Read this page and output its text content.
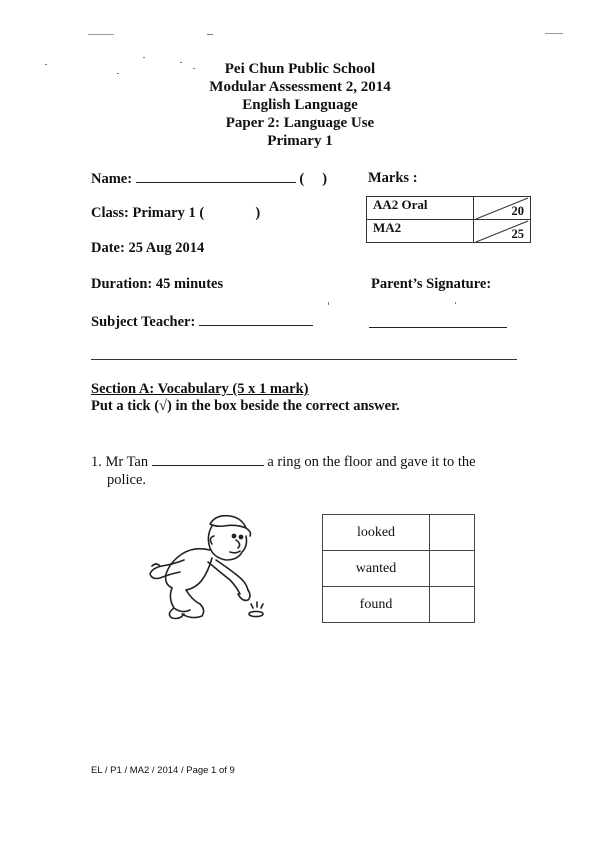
Pei Chun Public School
Modular Assessment 2, 2014
English Language
Paper 2: Language Use
Primary 1
Name:	(     )	Marks :
AA2 Oral	20

MA2	25
Class: Primary 1 (	)
Date: 25 Aug 2014
Duration: 45 minutes	Parent’s Signature:
Subject Teacher:
Section A: Vocabulary (5 x 1 mark)
Put a tick (√) in the box beside the correct answer.
1. Mr Tan	a ring on the floor and gave it to the
police.
looked	
wanted	
found	
EL / P1 / MA2 / 2014 / Page 1 of 9
